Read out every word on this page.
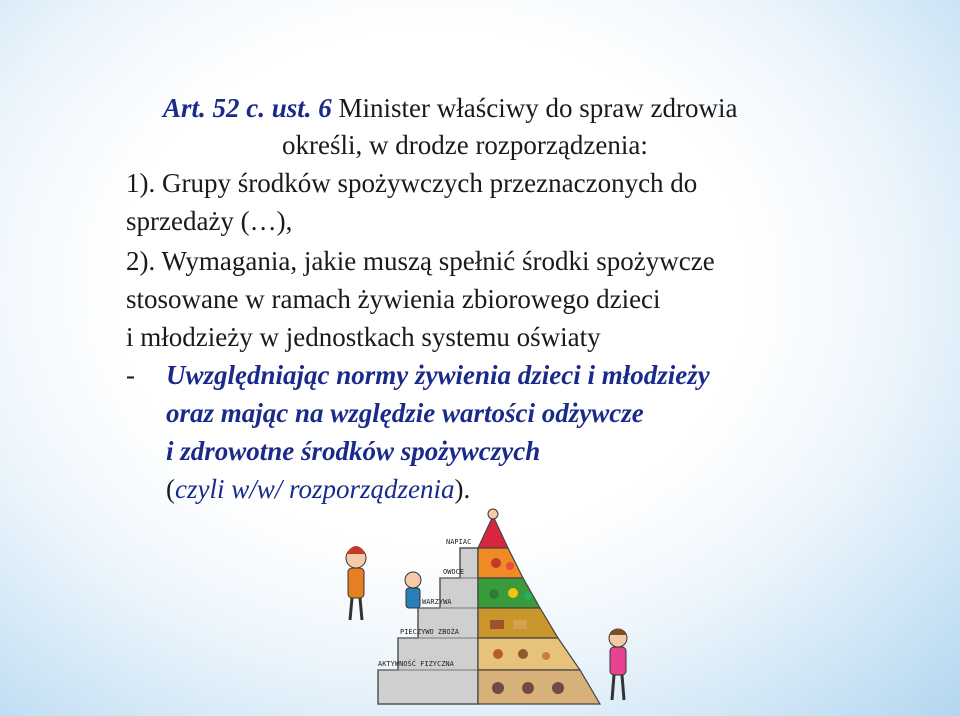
Art. 52 c. ust. 6 Minister właściwy do spraw zdrowia
określi, w drodze rozporządzenia:
1). Grupy środków spożywczych przeznaczonych do
sprzedaży (…),
2). Wymagania, jakie muszą spełnić środki spożywcze
stosowane w ramach żywienia zbiorowego dzieci
i młodzieży w jednostkach systemu oświaty
- Uwzględniając normy żywienia dzieci i młodzieży
oraz mając na względzie wartości odżywcze
i zdrowotne środków spożywczych
(czyli w/w/ rozporządzenia).
NAPIAC
OWOCE
WARZYWA
PIECZYWO ZBOŻA
AKTYWNOŚĆ FIZYCZNA
